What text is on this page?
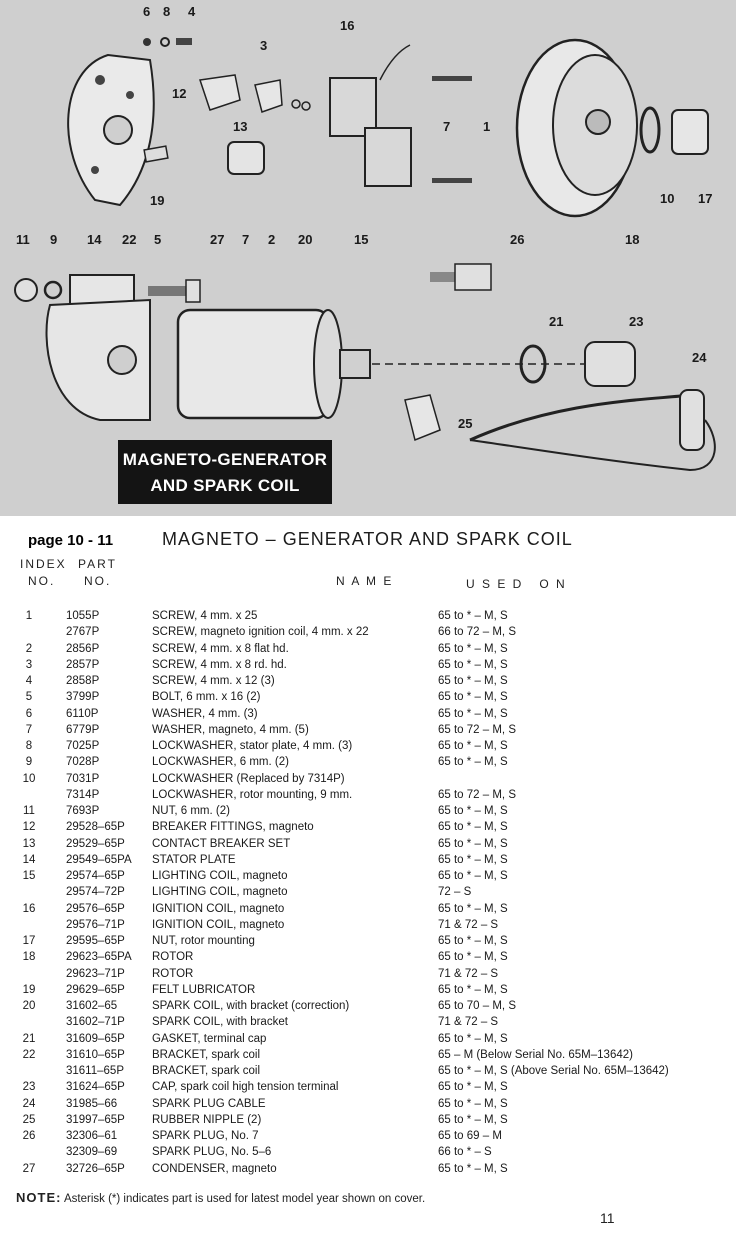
6 8 4
16
3
12
13	7	1
19
27 7 2
14	15
10 17
18
11 9	22 5	20	26
21	23
24
25
MAGNETO-GENERATOR
AND SPARK COIL
page 10 - 11	MAGNETO – GENERATOR AND SPARK COIL
INDEX
NO.
PART
NO.	N A M E	U S E D   O N
1	1055P	SCREW, 4 mm. x 25	65 to * – M, S
2767P	SCREW, magneto ignition coil, 4 mm. x 22	66 to 72 – M, S
2	2856P	SCREW, 4 mm. x 8 flat hd.	65 to * – M, S
3	2857P	SCREW, 4 mm. x 8 rd. hd.	65 to * – M, S
4	2858P	SCREW, 4 mm. x 12 (3)	65 to * – M, S
5	3799P	BOLT, 6 mm. x 16 (2)	65 to * – M, S
6	6110P	WASHER, 4 mm. (3)	65 to * – M, S
7	6779P	WASHER, magneto, 4 mm. (5)	65 to 72 – M, S
8	7025P	LOCKWASHER, stator plate, 4 mm. (3)	65 to * – M, S
9	7028P	LOCKWASHER, 6 mm. (2)	65 to * – M, S
10	7031P	LOCKWASHER (Replaced by 7314P)
7314P	LOCKWASHER, rotor mounting, 9 mm.	65 to 72 – M, S
11	7693P	NUT, 6 mm. (2)	65 to * – M, S
12	29528–65P BREAKER FITTINGS, magneto	65 to * – M, S
13	29529–65P CONTACT BREAKER SET	65 to * – M, S
14	29549–65PA STATOR PLATE	65 to * – M, S
15	29574–65P LIGHTING COIL, magneto	65 to * – M, S
29574–72P LIGHTING COIL, magneto	72 – S
16	29576–65P IGNITION COIL, magneto	65 to * – M, S
29576–71P IGNITION COIL, magneto	71 & 72 – S
17	29595–65P NUT, rotor mounting	65 to * – M, S
18	29623–65PA ROTOR	65 to * – M, S
29623–71P ROTOR	71 & 72 – S
19	29629–65P FELT LUBRICATOR	65 to * – M, S
20	31602–65	SPARK COIL, with bracket (correction)	65 to 70 – M, S
31602–71P SPARK COIL, with bracket	71 & 72 – S
21	31609–65P GASKET, terminal cap	65 to * – M, S
22	31610–65P BRACKET, spark coil	65 – M (Below Serial No. 65M–13642)
31611–65P BRACKET, spark coil	65 to * – M, S (Above Serial No. 65M–13642)
23	31624–65P CAP, spark coil high tension terminal	65 to * – M, S
24	31985–66	SPARK PLUG CABLE	65 to * – M, S
25	31997–65P RUBBER NIPPLE (2)	65 to * – M, S
26	32306–61	SPARK PLUG, No. 7	65 to 69 – M
32309–69	SPARK PLUG, No. 5–6	66 to * – S
27	32726–65P CONDENSER, magneto	65 to * – M, S
NOTE: Asterisk (*) indicates part is used for latest model year shown on cover.
11
